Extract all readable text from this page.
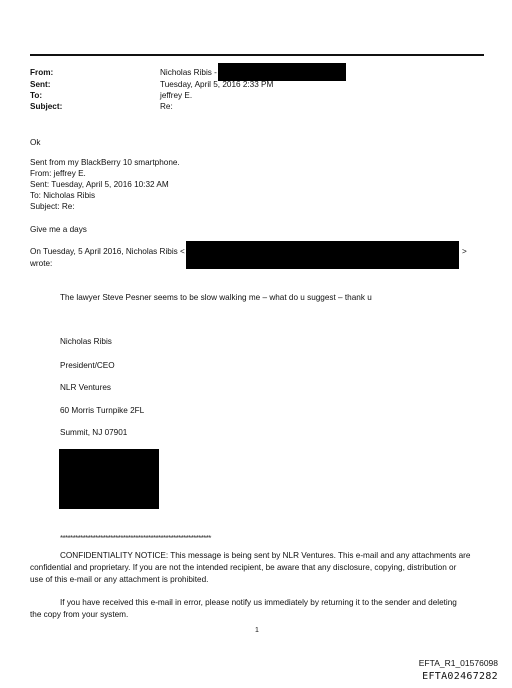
From:	Nicholas Ribis -
Sent:	Tuesday, April 5, 2016 2:33 PM
To:	jeffrey E.
Subject:	Re:
Ok
Sent from my BlackBerry 10 smartphone.
From: jeffrey E.
Sent: Tuesday, April 5, 2016 10:32 AM
To: Nicholas Ribis
Subject: Re:
Give me a days
On Tuesday, 5 April 2016, Nicholas Ribis <	>
wrote:
The lawyer Steve Pesner seems to be slow walking me – what do u suggest – thank u
Nicholas Ribis
President/CEO
NLR Ventures
60 Morris Turnpike 2FL
Summit, NJ 07901
************************************************************
CONFIDENTIALITY NOTICE: This message is being sent by NLR Ventures. This e-mail and any attachments are
confidential and proprietary. If you are not the intended recipient, be aware that any disclosure, copying, distribution or
use of this e-mail or any attachment is prohibited.
If you have received this e-mail in error, please notify us immediately by returning it to the sender and deleting
the copy from your system.
1
EFTA_R1_01576098
EFTA02467282
